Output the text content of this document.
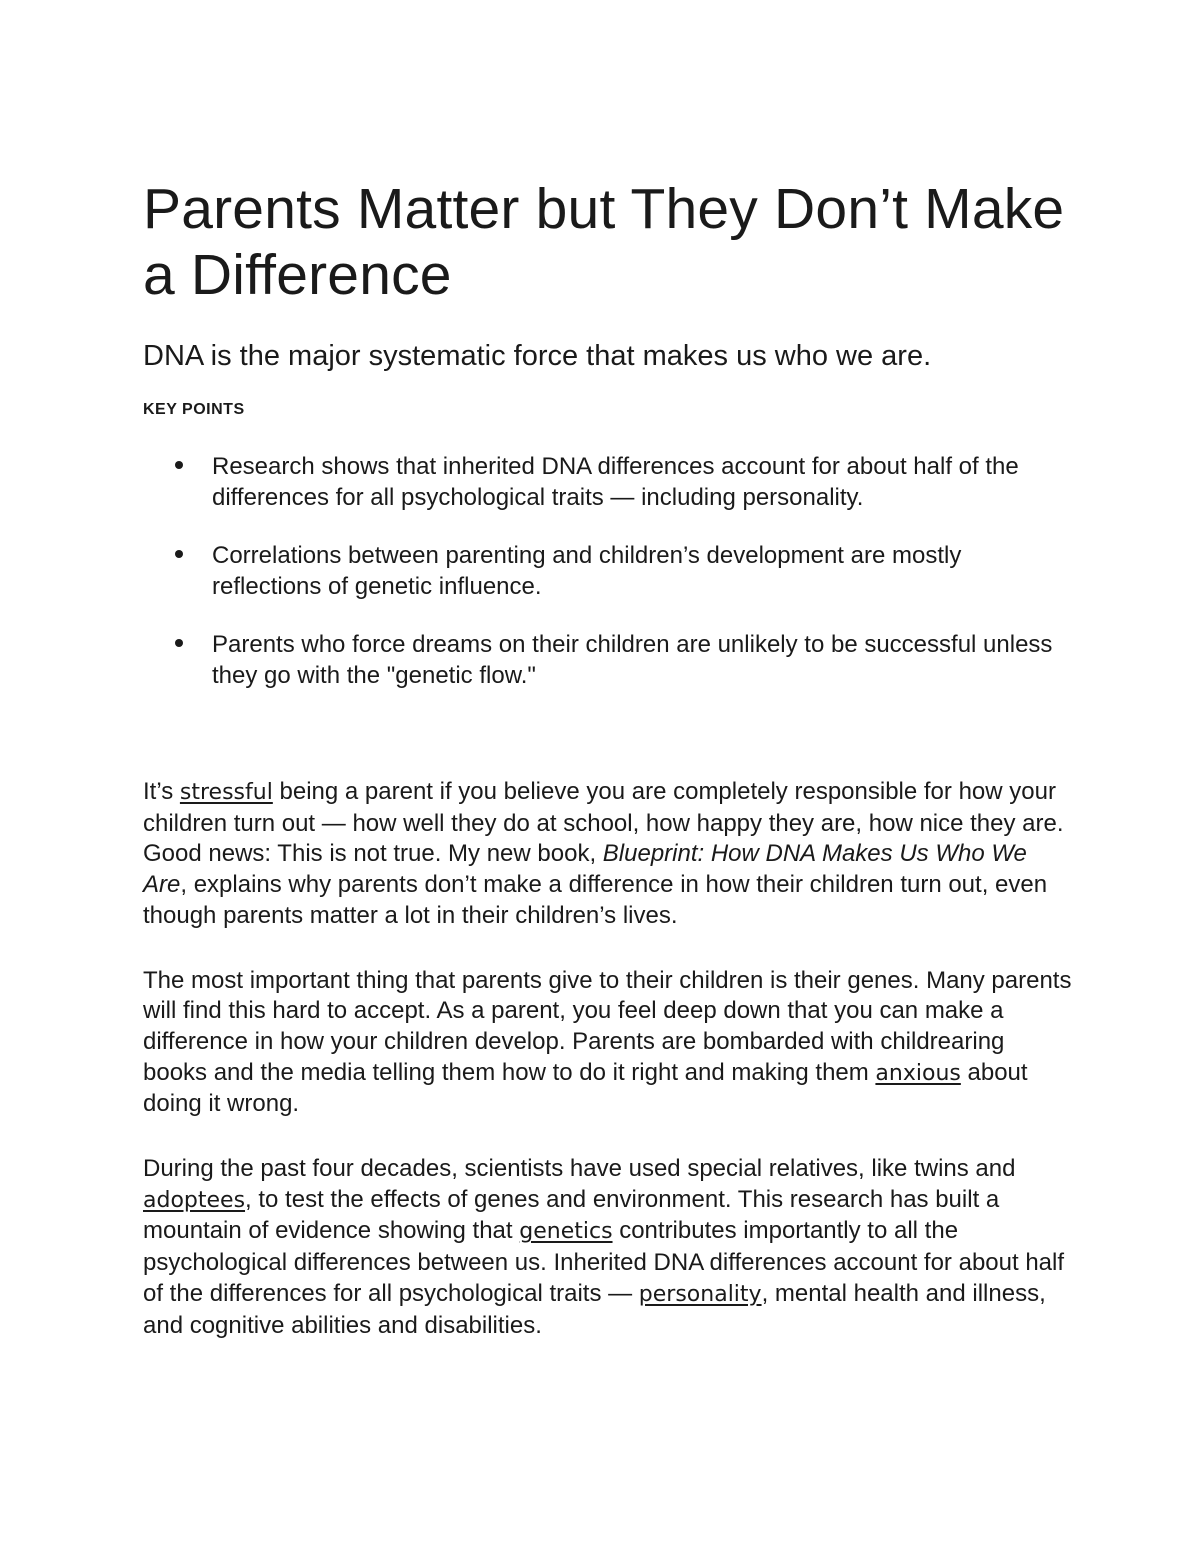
Parents Matter but They Don’t Make a Difference
DNA is the major systematic force that makes us who we are.
KEY POINTS
Research shows that inherited DNA differences account for about half of the differences for all psychological traits — including personality.
Correlations between parenting and children’s development are mostly reflections of genetic influence.
Parents who force dreams on their children are unlikely to be successful unless they go with the "genetic flow."

It’s stressful being a parent if you believe you are completely responsible for how your children turn out — how well they do at school, how happy they are, how nice they are. Good news: This is not true. My new book, Blueprint: How DNA Makes Us Who We Are, explains why parents don’t make a difference in how their children turn out, even though parents matter a lot in their children’s lives.

The most important thing that parents give to their children is their genes. Many parents will find this hard to accept. As a parent, you feel deep down that you can make a difference in how your children develop. Parents are bombarded with childrearing books and the media telling them how to do it right and making them anxious about doing it wrong.

During the past four decades, scientists have used special relatives, like twins and adoptees, to test the effects of genes and environment. This research has built a mountain of evidence showing that genetics contributes importantly to all the psychological differences between us. Inherited DNA differences account for about half of the differences for all psychological traits — personality, mental health and illness, and cognitive abilities and disabilities.
